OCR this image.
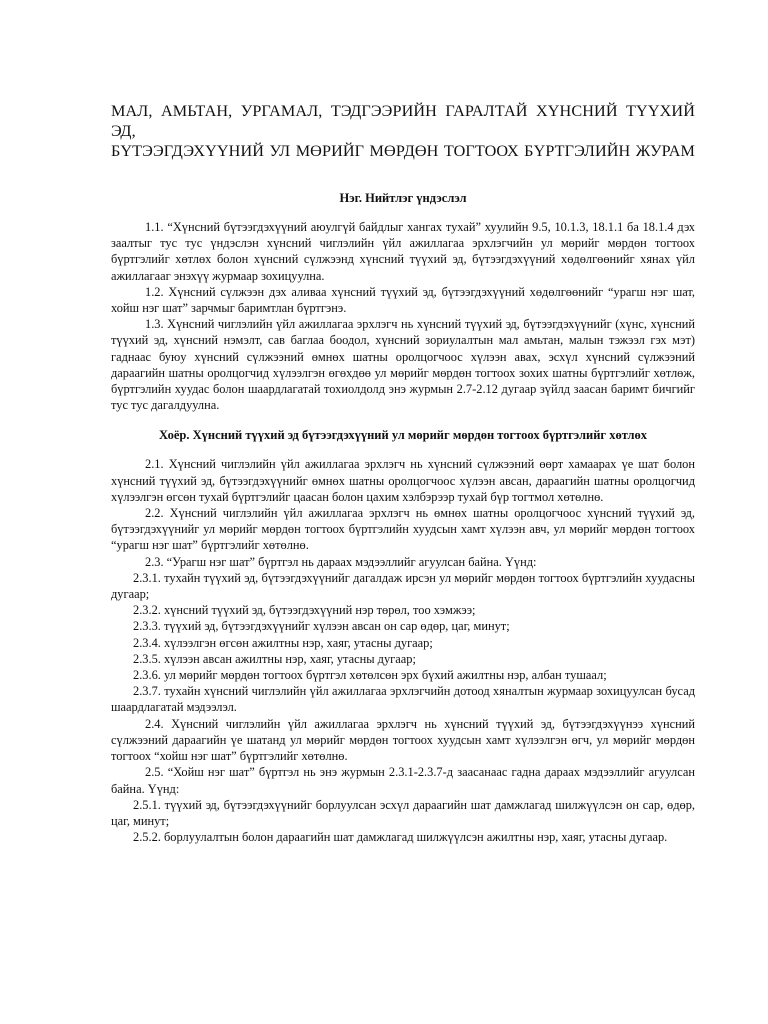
МАЛ, АМЬТАН, УРГАМАЛ, ТЭДГЭЭРИЙН ГАРАЛТАЙ ХҮНСНИЙ ТҮҮХИЙ ЭД,
БҮТЭЭГДЭХҮҮНИЙ УЛ МӨРИЙГ МӨРДӨН ТОГТООХ БҮРТГЭЛИЙН ЖУРАМ
Нэг. Нийтлэг үндэслэл

1.1. “Хүнсний бүтээгдэхүүний аюулгүй байдлыг хангах тухай” хуулийн 9.5, 10.1.3, 18.1.1 ба 18.1.4 дэх заалтыг тус тус үндэслэн хүнсний чиглэлийн үйл ажиллагаа эрхлэгчийн ул мөрийг мөрдөн тогтоох бүртгэлийг хөтлөх болон хүнсний сүлжээнд хүнсний түүхий эд, бүтээгдэхүүний хөдөлгөөнийг хянах үйл ажиллагааг энэхүү журмаар зохицуулна.

1.2. Хүнсний сүлжээн дэх аливаа хүнсний түүхий эд, бүтээгдэхүүний хөдөлгөөнийг “урагш нэг шат, хойш нэг шат” зарчмыг баримтлан бүртгэнэ.

1.3. Хүнсний чиглэлийн үйл ажиллагаа эрхлэгч нь хүнсний түүхий эд, бүтээгдэхүүнийг (хүнс, хүнсний түүхий эд, хүнсний нэмэлт, сав баглаа боодол, хүнсний зориулалтын мал амьтан, малын тэжээл гэх мэт) гаднаас буюу хүнсний сүлжээний өмнөх шатны оролцогчоос хүлээн авах, эсхүл хүнсний сүлжээний дараагийн шатны оролцогчид хүлээлгэн өгөхдөө ул мөрийг мөрдөн тогтоох зохих шатны бүртгэлийг хөтлөж, бүртгэлийн хуудас болон шаардлагатай тохиолдолд энэ журмын 2.7-2.12 дугаар зүйлд заасан баримт бичгийг тус тус дагалдуулна.

Хоёр. Хүнсний түүхий эд бүтээгдэхүүний ул мөрийг мөрдөн тогтоох бүртгэлийг хөтлөх

2.1. Хүнсний чиглэлийн үйл ажиллагаа эрхлэгч нь хүнсний сүлжээний өөрт хамаарах үе шат болон хүнсний түүхий эд, бүтээгдэхүүнийг өмнөх шатны оролцогчоос хүлээн авсан, дараагийн шатны оролцогчид хүлээлгэн өгсөн тухай бүртгэлийг цаасан болон цахим хэлбэрээр тухай бүр тогтмол хөтөлнө.

2.2. Хүнсний чиглэлийн үйл ажиллагаа эрхлэгч нь өмнөх шатны оролцогчоос хүнсний түүхий эд, бүтээгдэхүүнийг ул мөрийг мөрдөн тогтоох бүртгэлийн хуудсын хамт хүлээн авч, ул мөрийг мөрдөн тогтоох “урагш нэг шат” бүртгэлийг хөтөлнө.

2.3. “Урагш нэг шат” бүртгэл нь дараах мэдээллийг агуулсан байна. Үүнд:

2.3.1. тухайн түүхий эд, бүтээгдэхүүнийг дагалдаж ирсэн ул мөрийг мөрдөн тогтоох бүртгэлийн хуудасны дугаар;

2.3.2. хүнсний түүхий эд, бүтээгдэхүүний нэр төрөл, тоо хэмжээ;

2.3.3. түүхий эд, бүтээгдэхүүнийг хүлээн авсан он сар өдөр, цаг, минут;

2.3.4. хүлээлгэн өгсөн ажилтны нэр, хаяг, утасны дугаар;

2.3.5. хүлээн авсан ажилтны нэр, хаяг, утасны дугаар;

2.3.6. ул мөрийг мөрдөн тогтоох бүртгэл хөтөлсөн эрх бүхий ажилтны нэр, албан тушаал;

2.3.7. тухайн хүнсний чиглэлийн үйл ажиллагаа эрхлэгчийн дотоод хяналтын журмаар зохицуулсан бусад шаардлагатай мэдээлэл.

2.4. Хүнсний чиглэлийн үйл ажиллагаа эрхлэгч нь хүнсний түүхий эд, бүтээгдэхүүнээ хүнсний сүлжээний дараагийн үе шатанд ул мөрийг мөрдөн тогтоох хуудсын хамт хүлээлгэн өгч, ул мөрийг мөрдөн тогтоох “хойш нэг шат” бүртгэлийг хөтөлнө.

2.5. “Хойш нэг шат” бүртгэл нь энэ журмын 2.3.1-2.3.7-д заасанаас гадна дараах мэдээллийг агуулсан байна. Үүнд:

2.5.1. түүхий эд, бүтээгдэхүүнийг борлуулсан эсхүл дараагийн шат дамжлагад шилжүүлсэн он сар, өдөр, цаг, минут;

2.5.2. борлуулалтын болон дараагийн шат дамжлагад шилжүүлсэн ажилтны нэр, хаяг, утасны дугаар.
